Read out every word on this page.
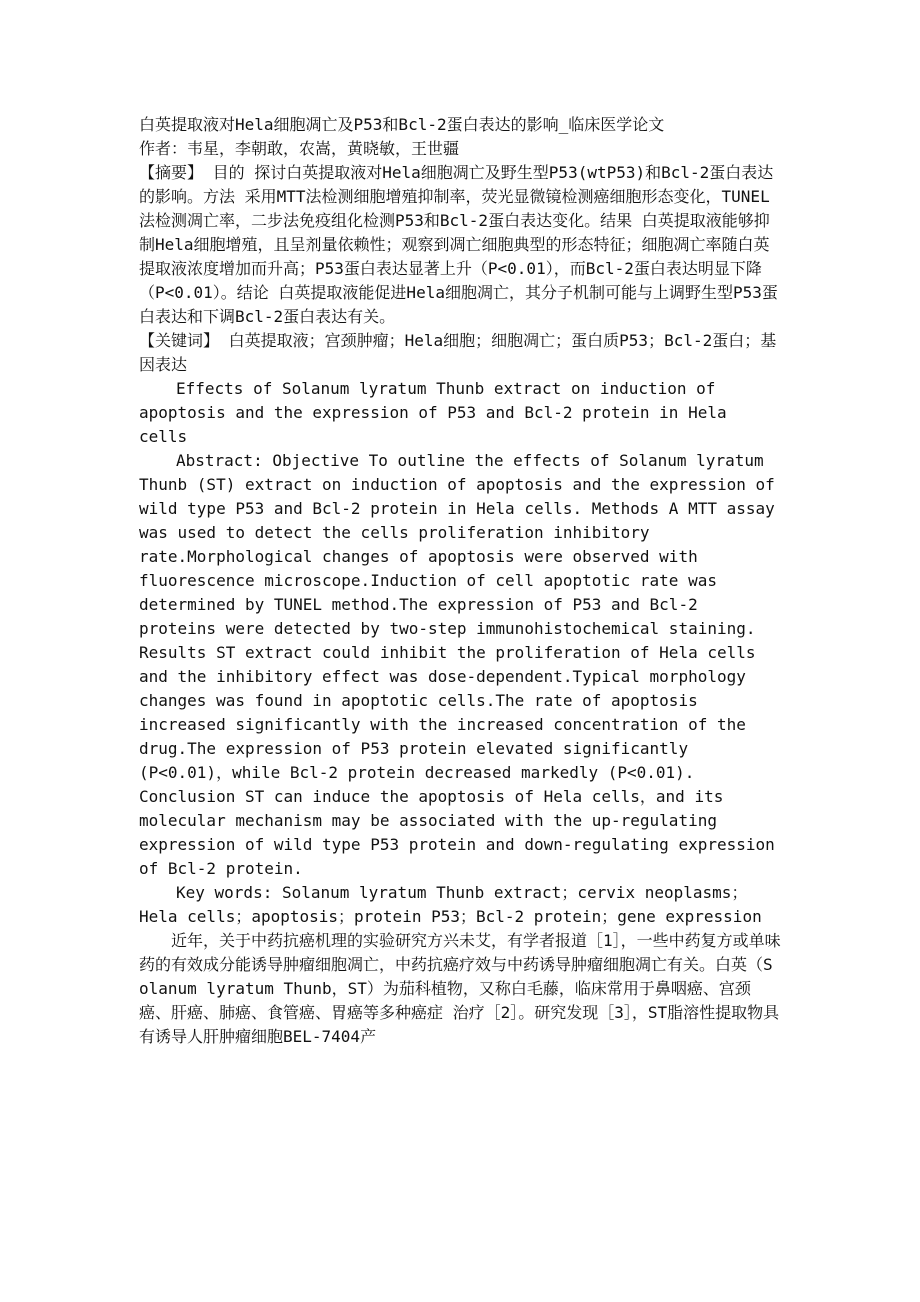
白英提取液对Hela细胞凋亡及P53和Bcl-2蛋白表达的影响_临床医学论文

作者：韦星，李朝敢，农嵩，黄晓敏，王世疆

【摘要】 目的 探讨白英提取液对Hela细胞凋亡及野生型P53(wtP53)和Bcl-2蛋白表达的影响。方法 采用MTT法检测细胞增殖抑制率，荧光显微镜检测癌细胞形态变化，TUNEL法检测凋亡率，二步法免疫组化检测P53和Bcl-2蛋白表达变化。结果 白英提取液能够抑制Hela细胞增殖，且呈剂量依赖性；观察到凋亡细胞典型的形态特征；细胞凋亡率随白英提取液浓度增加而升高；P53蛋白表达显著上升（P<0.01），而Bcl-2蛋白表达明显下降（P<0.01）。结论 白英提取液能促进Hela细胞凋亡，其分子机制可能与上调野生型P53蛋白表达和下调Bcl-2蛋白表达有关。

【关键词】 白英提取液；宫颈肿瘤；Hela细胞；细胞凋亡；蛋白质P53；Bcl-2蛋白；基因表达

Effects of Solanum lyratum Thunb extract on induction of apoptosis and the expression of P53 and Bcl-2 protein in Hela cells

Abstract: Objective To outline the effects of Solanum lyratum Thunb (ST) extract on induction of apoptosis and the expression of wild type P53 and Bcl-2 protein in Hela cells. Methods A MTT assay was used to detect the cells proliferation inhibitory rate.Morphological changes of apoptosis were observed with fluorescence microscope.Induction of cell apoptotic rate was determined by TUNEL method.The expression of P53 and Bcl-2 proteins were detected by two-step immunohistochemical staining. Results ST extract could inhibit the proliferation of Hela cells and the inhibitory effect was dose-dependent.Typical morphology changes was found in apoptotic cells.The rate of apoptosis increased significantly with the increased concentration of the drug.The expression of P53 protein elevated significantly (P<0.01)，while Bcl-2 protein decreased markedly (P<0.01). Conclusion ST can induce the apoptosis of Hela cells，and its molecular mechanism may be associated with the up-regulating expression of wild type P53 protein and down-regulating expression of Bcl-2 protein.

Key words: Solanum lyratum Thunb extract；cervix neoplasms；Hela cells；apoptosis；protein P53；Bcl-2 protein；gene expression

近年，关于中药抗癌机理的实验研究方兴未艾，有学者报道［1］，一些中药复方或单味药的有效成分能诱导肿瘤细胞凋亡，中药抗癌疗效与中药诱导肿瘤细胞凋亡有关。白英（Solanum lyratum Thunb，ST）为茄科植物，又称白毛藤，临床常用于鼻咽癌、宫颈癌、肝癌、肺癌、食管癌、胃癌等多种癌症 治疗［2］。研究发现［3］，ST脂溶性提取物具有诱导人肝肿瘤细胞BEL-7404产
